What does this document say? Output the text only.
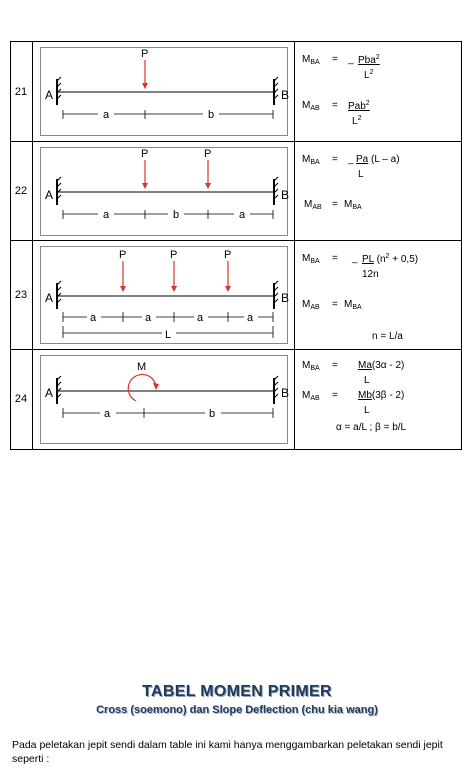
21	A	B
P
a	b
$M_{BA}$ = _ Pba$^2$
$L^2$
$M_{AB} = Pab^2$
$L^2$
22	A	B
P	P
a	b	a
$M_{BA}$ = _ Pa (L – a)
L
$M_{AB} = M_{BA}$
23	A	B
P	P	P
a	a	a	a
L
$M_{BA}$ = _ PL $(n^2 + 0,5)$
12n
$M_{AB} = M_{BA}$
n = L/a
24	A	B
M
a	b
$M_{BA} = Ma(3\alpha - 2)$
L
$M_{AB} = Mb(3\beta - 2)$
L
α = a/L ; β = b/L
TABEL MOMEN PRIMER
Cross (soemono) dan Slope Deflection (chu kia wang)
Pada peletakan jepit sendi dalam table ini kami hanya menggambarkan peletakan sendi jepit seperti :
